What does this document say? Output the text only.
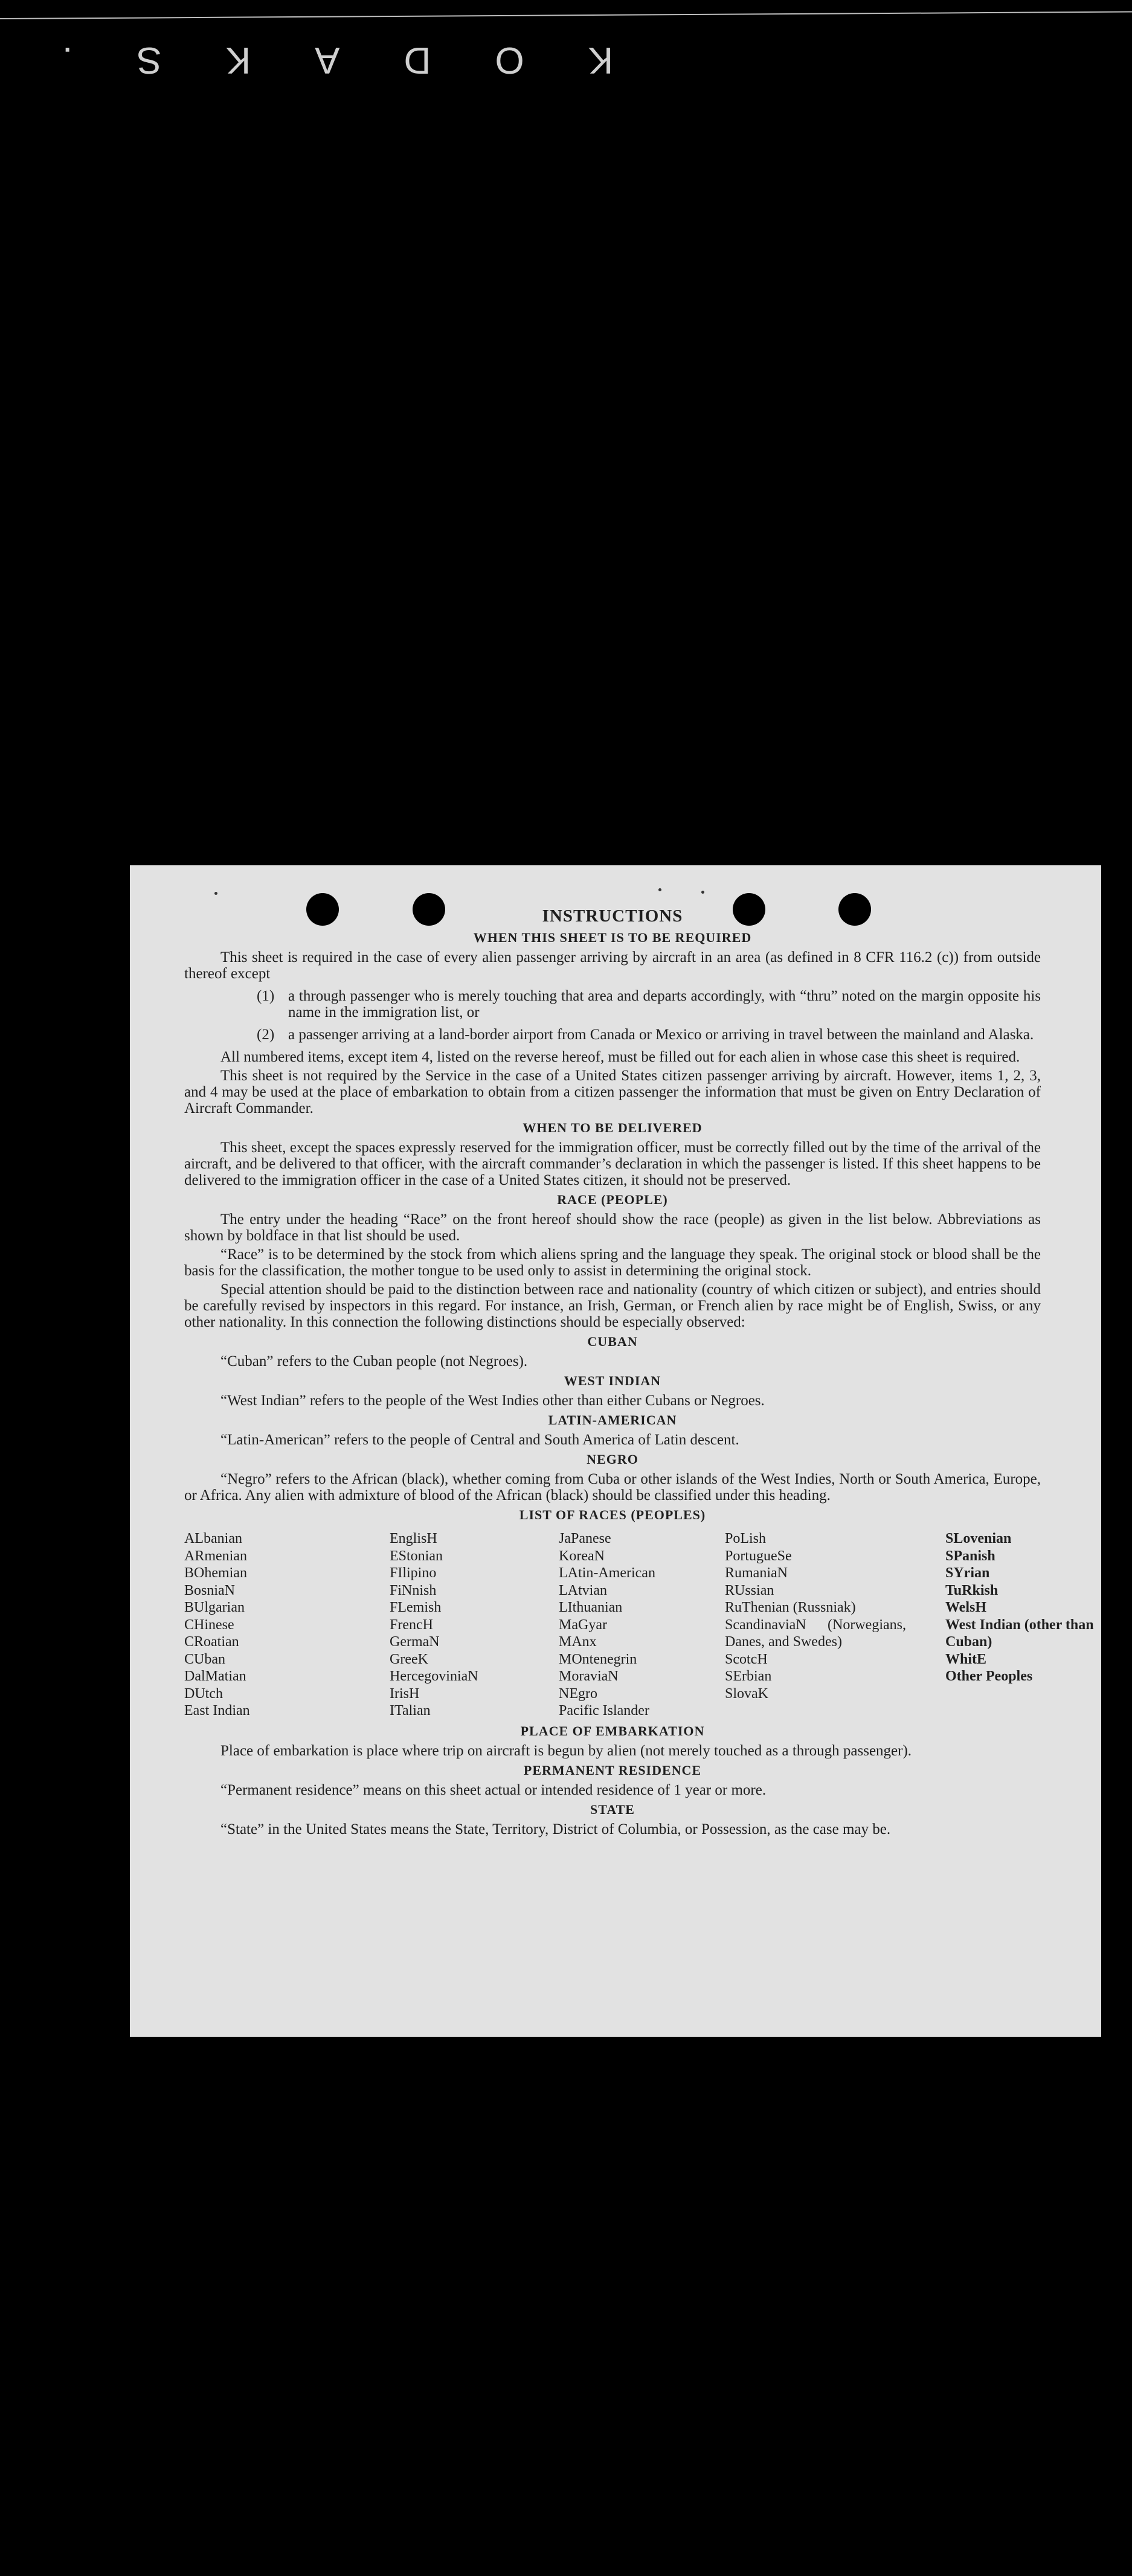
K
O
D
A
K
S
.
INSTRUCTIONS
WHEN THIS SHEET IS TO BE REQUIRED

This sheet is required in the case of every alien passenger arriving by aircraft in an area (as defined in 8 CFR 116.2 (c)) from outside thereof except

(1) a through passenger who is merely touching that area and departs accordingly, with “thru” noted on the margin opposite his name in the immigration list, or
(2) a passenger arriving at a land-border airport from Canada or Mexico or arriving in travel between the mainland and Alaska.

All numbered items, except item 4, listed on the reverse hereof, must be filled out for each alien in whose case this sheet is required.

This sheet is not required by the Service in the case of a United States citizen passenger arriving by aircraft. However, items 1, 2, 3, and 4 may be used at the place of embarkation to obtain from a citizen passenger the information that must be given on Entry Declaration of Aircraft Commander.

WHEN TO BE DELIVERED

This sheet, except the spaces expressly reserved for the immigration officer, must be correctly filled out by the time of the arrival of the aircraft, and be delivered to that officer, with the aircraft commander’s declaration in which the passenger is listed. If this sheet happens to be delivered to the immigration officer in the case of a United States citizen, it should not be preserved.

RACE (PEOPLE)

The entry under the heading “Race” on the front hereof should show the race (people) as given in the list below. Abbreviations as shown by boldface in that list should be used.

“Race” is to be determined by the stock from which aliens spring and the language they speak. The original stock or blood shall be the basis for the classification, the mother tongue to be used only to assist in determining the original stock.

Special attention should be paid to the distinction between race and nationality (country of which citizen or subject), and entries should be carefully revised by inspectors in this regard. For instance, an Irish, German, or French alien by race might be of English, Swiss, or any other nationality. In this connection the following distinctions should be especially observed:

CUBAN

“Cuban” refers to the Cuban people (not Negroes).

WEST INDIAN

“West Indian” refers to the people of the West Indies other than either Cubans or Negroes.

LATIN-AMERICAN

“Latin-American” refers to the people of Central and South America of Latin descent.

NEGRO

“Negro” refers to the African (black), whether coming from Cuba or other islands of the West Indies, North or South America, Europe, or Africa. Any alien with admixture of blood of the African (black) should be classified under this heading.

LIST OF RACES (PEOPLES)
ALbanian
ARmenian
BOhemian
BosniaN
BUlgarian
CHinese
CRoatian
CUban
DalMatian
DUtch
East Indian
EnglisH
EStonian
FIlipino
FiNnish
FLemish
FrencH
GermaN
GreeK
HercegoviniaN
IrisH
ITalian
JaPanese
KoreaN
LAtin-American
LAtvian
LIthuanian
MaGyar
MAnx
MOntenegrin
MoraviaN
NEgro
Pacific Islander
PoLish
PortugueSe
RumaniaN
RUssian
RuThenian (Russniak)
ScandinaviaN (Norwegians, Danes, and Swedes)
ScotcH
SErbian
SlovaK
SLovenian
SPanish
SYrian
TuRkish
WelsH
West Indian (other than Cuban)
WhitE
Other Peoples
PLACE OF EMBARKATION

Place of embarkation is place where trip on aircraft is begun by alien (not merely touched as a through passenger).

PERMANENT RESIDENCE

“Permanent residence” means on this sheet actual or intended residence of 1 year or more.

STATE

“State” in the United States means the State, Territory, District of Columbia, or Possession, as the case may be.
